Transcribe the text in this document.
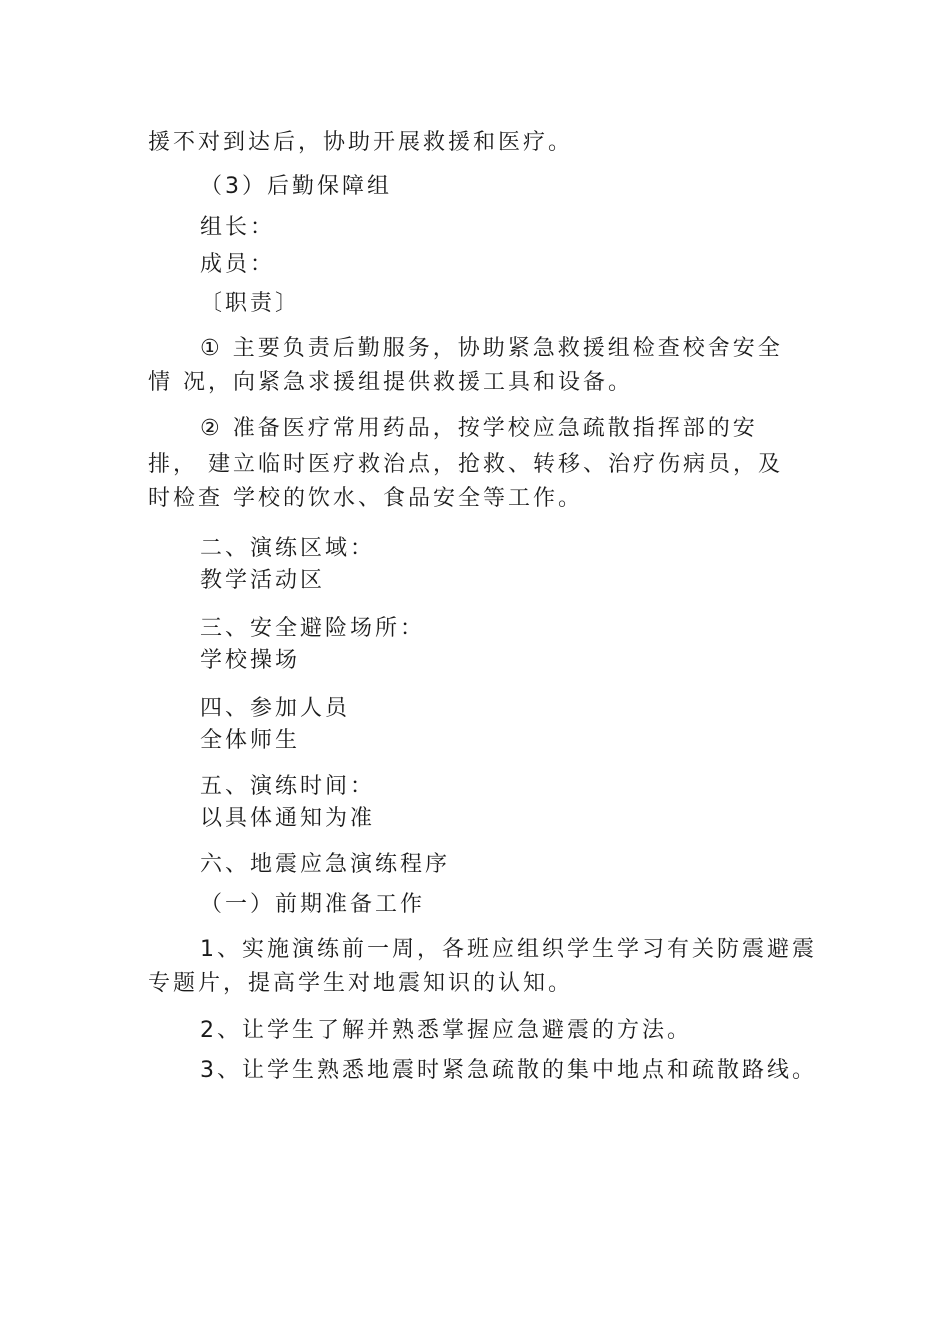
援不对到达后，协助开展救援和医疗。
（3）后勤保障组
组长：
成员：
〔职责〕
① 主要负责后勤服务，协助紧急救援组检查校舍安全
情 况，向紧急求援组提供救援工具和设备。
② 准备医疗常用药品，按学校应急疏散指挥部的安
排， 建立临时医疗救治点，抢救、转移、治疗伤病员，及
时检查 学校的饮水、食品安全等工作。
二、演练区域：
教学活动区
三、安全避险场所：
学校操场
四、参加人员
全体师生
五、演练时间：
以具体通知为准
六、地震应急演练程序
（一）前期准备工作
1、实施演练前一周，各班应组织学生学习有关防震避震
专题片，提高学生对地震知识的认知。
2、让学生了解并熟悉掌握应急避震的方法。
3、让学生熟悉地震时紧急疏散的集中地点和疏散路线。
